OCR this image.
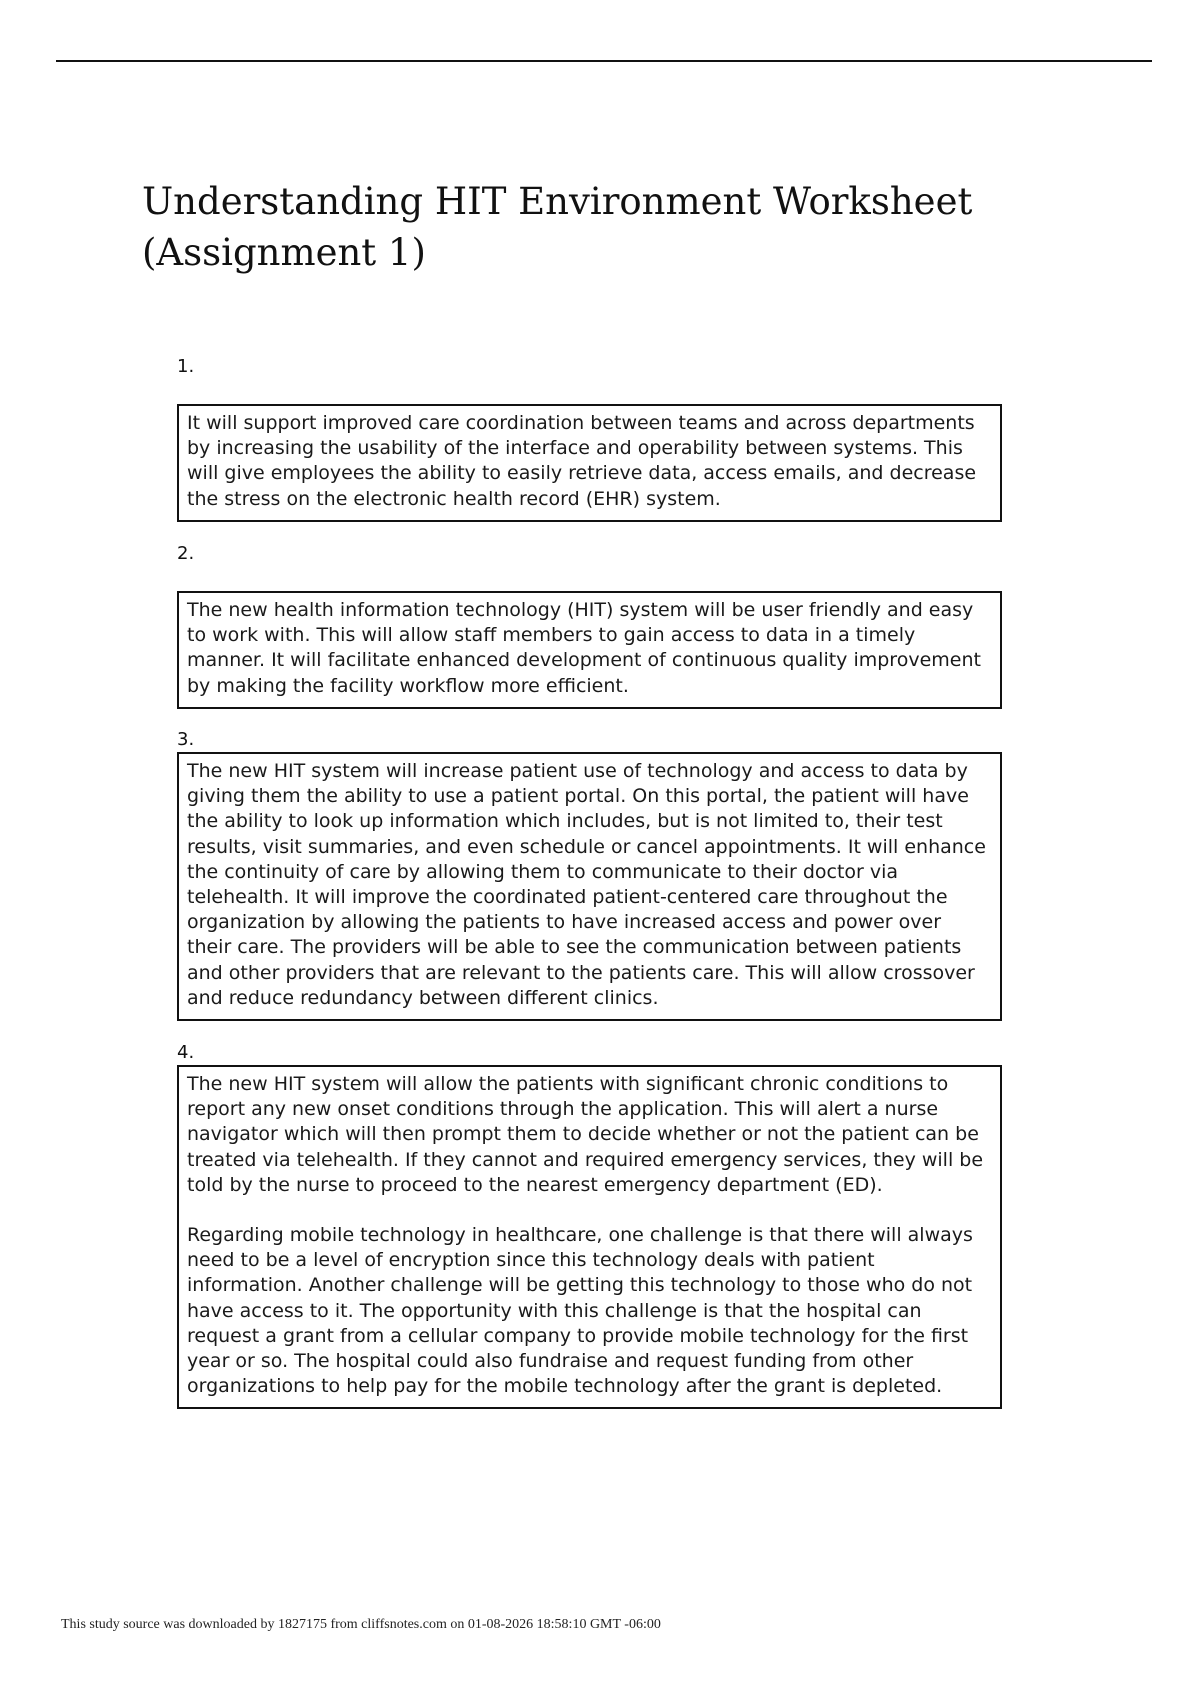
Understanding HIT Environment Worksheet
(Assignment 1)
1.

It will support improved care coordination between teams and across departments
by increasing the usability of the interface and operability between systems. This
will give employees the ability to easily retrieve data, access emails, and decrease
the stress on the electronic health record (EHR) system.

2.

The new health information technology (HIT) system will be user friendly and easy
to work with. This will allow staff members to gain access to data in a timely
manner. It will facilitate enhanced development of continuous quality improvement
by making the facility workflow more efficient.

3.

The new HIT system will increase patient use of technology and access to data by
giving them the ability to use a patient portal. On this portal, the patient will have
the ability to look up information which includes, but is not limited to, their test
results, visit summaries, and even schedule or cancel appointments. It will enhance
the continuity of care by allowing them to communicate to their doctor via
telehealth. It will improve the coordinated patient-centered care throughout the
organization by allowing the patients to have increased access and power over
their care. The providers will be able to see the communication between patients
and other providers that are relevant to the patients care. This will allow crossover
and reduce redundancy between different clinics.

4.

The new HIT system will allow the patients with significant chronic conditions to
report any new onset conditions through the application. This will alert a nurse
navigator which will then prompt them to decide whether or not the patient can be
treated via telehealth. If they cannot and required emergency services, they will be
told by the nurse to proceed to the nearest emergency department (ED).

Regarding mobile technology in healthcare, one challenge is that there will always
need to be a level of encryption since this technology deals with patient
information. Another challenge will be getting this technology to those who do not
have access to it. The opportunity with this challenge is that the hospital can
request a grant from a cellular company to provide mobile technology for the first
year or so. The hospital could also fundraise and request funding from other
organizations to help pay for the mobile technology after the grant is depleted.

This study source was downloaded by 1827175 from cliffsnotes.com on 01-08-2026 18:58:10 GMT -06:00
